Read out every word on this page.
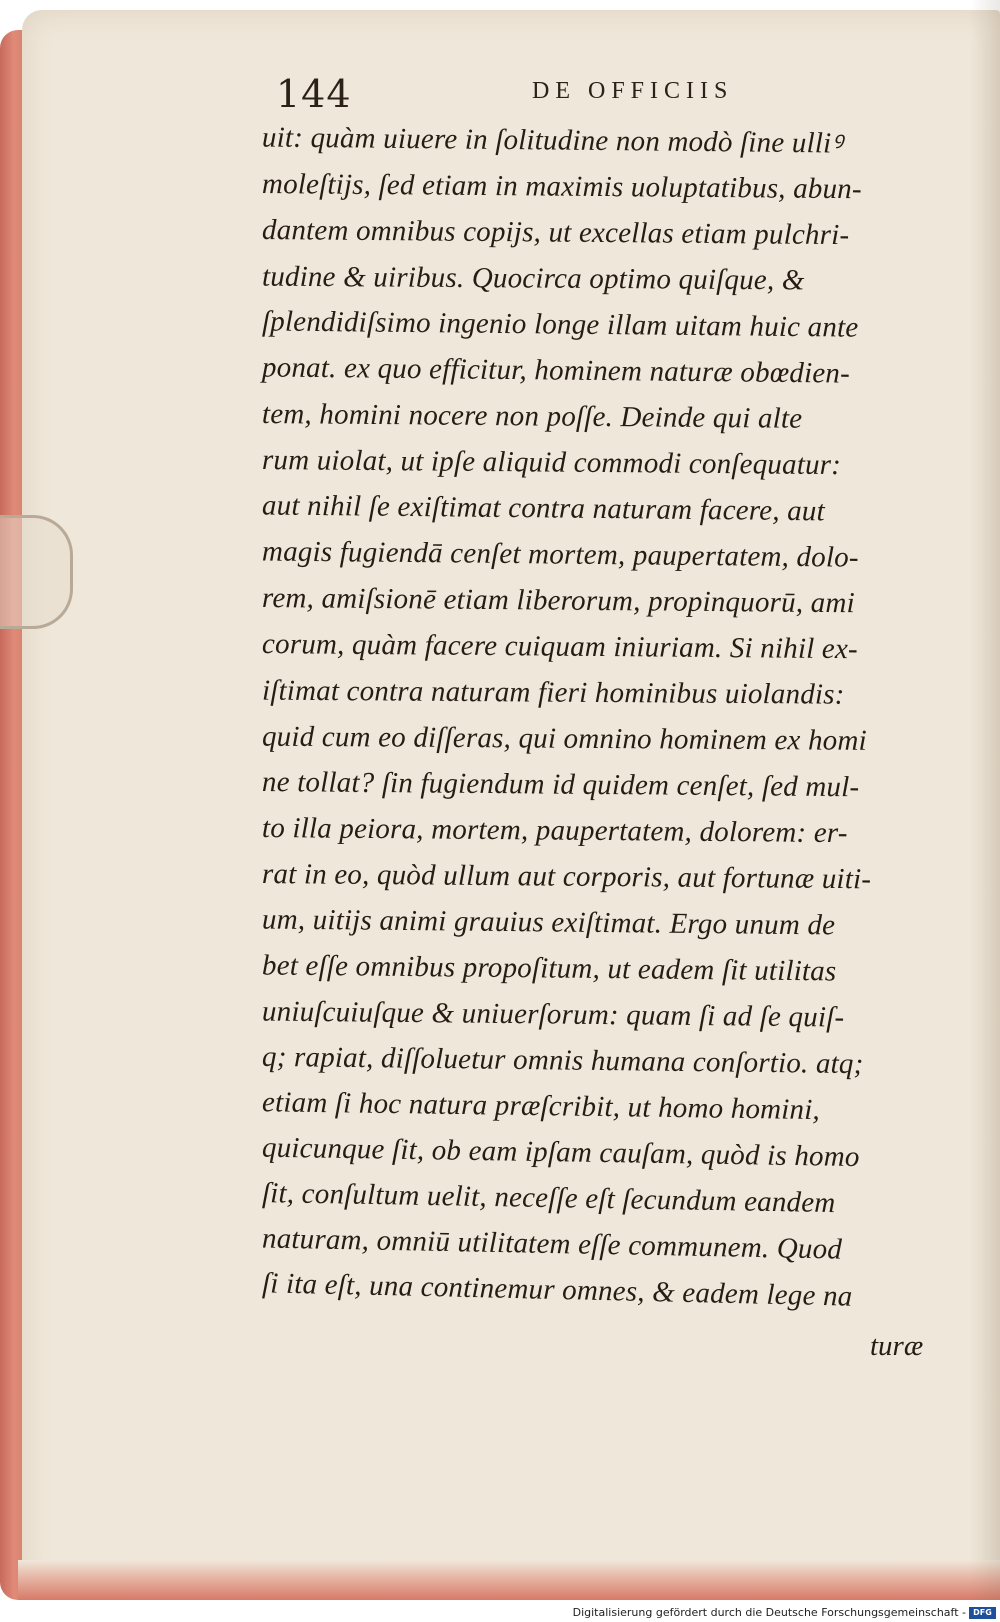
144	DE OFFICIIS
uit: quàm uiuere in ſolitudine non modò ſine ulliꝰ
moleſtijs, ſed etiam in maximis uoluptatibus, abun-
dantem omnibus copijs, ut excellas etiam pulchri-
tudine & uiribus. Quocirca optimo quiſque, &
ſplendidiſsimo ingenio longe illam uitam huic ante
ponat. ex quo efficitur, hominem naturæ obœdien-
tem, homini nocere non poſſe. Deinde qui alte
rum uiolat, ut ipſe aliquid commodi conſequatur:
aut nihil ſe exiſtimat contra naturam facere, aut
magis fugiendā cenſet mortem, paupertatem, dolo-
rem, amiſsionē etiam liberorum, propinquorū, ami
corum, quàm facere cuiquam iniuriam. Si nihil ex-
iſtimat contra naturam fieri hominibus uiolandis:
quid cum eo diſſeras, qui omnino hominem ex homi
ne tollat? ſin fugiendum id quidem cenſet, ſed mul-
to illa peiora, mortem, paupertatem, dolorem: er-
rat in eo, quòd ullum aut corporis, aut fortunæ uiti-
um, uitijs animi grauius exiſtimat. Ergo unum de
bet eſſe omnibus propoſitum, ut eadem ſit utilitas
uniuſcuiuſque & uniuerſorum: quam ſi ad ſe quiſ-
q; rapiat, diſſoluetur omnis humana conſortio. atq;
etiam ſi hoc natura præſcribit, ut homo homini,
quicunque ſit, ob eam ipſam cauſam, quòd is homo
ſit, conſultum uelit, neceſſe eſt ſecundum eandem
naturam, omniū utilitatem eſſe communem. Quod
ſi ita eſt, una continemur omnes, & eadem lege na
turæ
Digitalisierung gefördert durch die Deutsche Forschungsgemeinschaft - DFG
